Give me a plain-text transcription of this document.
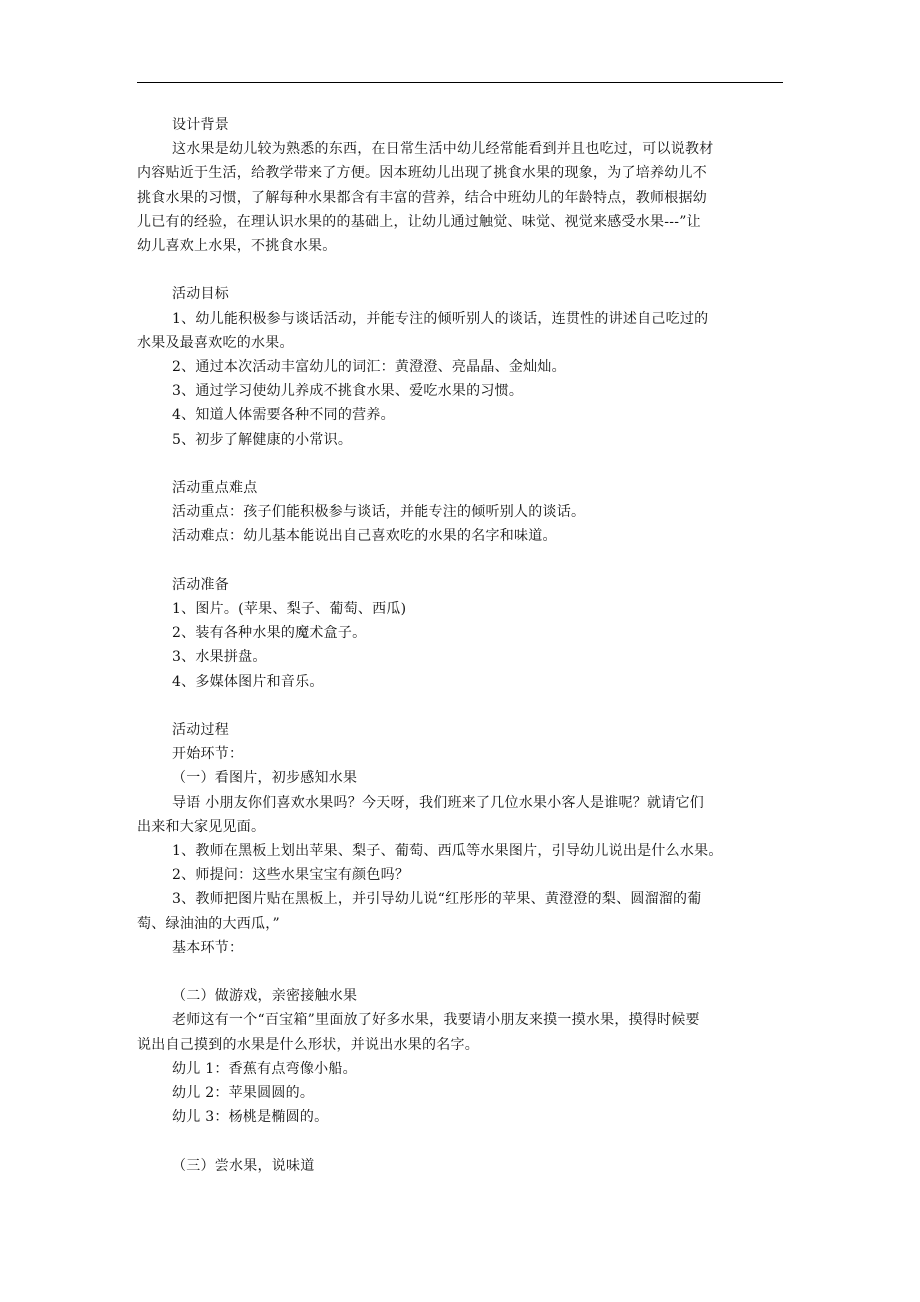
设计背景
这水果是幼儿较为熟悉的东西，在日常生活中幼儿经常能看到并且也吃过，可以说教材
内容贴近于生活，给教学带来了方便。因本班幼儿出现了挑食水果的现象，为了培养幼儿不
挑食水果的习惯，了解每种水果都含有丰富的营养，结合中班幼儿的年龄特点，教师根据幼
儿已有的经验，在理认识水果的的基础上，让幼儿通过触觉、味觉、视觉来感受水果---”让
幼儿喜欢上水果，不挑食水果。
活动目标
1、幼儿能积极参与谈话活动，并能专注的倾听别人的谈话，连贯性的讲述自己吃过的
水果及最喜欢吃的水果。
2、通过本次活动丰富幼儿的词汇：黄澄澄、亮晶晶、金灿灿。
3、通过学习使幼儿养成不挑食水果、爱吃水果的习惯。
4、知道人体需要各种不同的营养。
5、初步了解健康的小常识。
活动重点难点
活动重点：孩子们能积极参与谈话，并能专注的倾听别人的谈话。
活动难点：幼儿基本能说出自己喜欢吃的水果的名字和味道。
活动准备
1、图片。(苹果、梨子、葡萄、西瓜)
2、装有各种水果的魔术盒子。
3、水果拼盘。
4、多媒体图片和音乐。
活动过程
开始环节：
（一）看图片，初步感知水果
导语 小朋友你们喜欢水果吗？今天呀，我们班来了几位水果小客人是谁呢？就请它们
出来和大家见见面。
1、教师在黑板上划出苹果、梨子、葡萄、西瓜等水果图片，引导幼儿说出是什么水果。
2、师提问：这些水果宝宝有颜色吗？
3、教师把图片贴在黑板上，并引导幼儿说“红彤彤的苹果、黄澄澄的梨、圆溜溜的葡
萄、绿油油的大西瓜，”
基本环节：
（二）做游戏，亲密接触水果
老师这有一个“百宝箱”里面放了好多水果，我要请小朋友来摸一摸水果，摸得时候要
说出自己摸到的水果是什么形状，并说出水果的名字。
幼儿 1：香蕉有点弯像小船。
幼儿 2：苹果圆圆的。
幼儿 3：杨桃是椭圆的。
（三）尝水果，说味道
